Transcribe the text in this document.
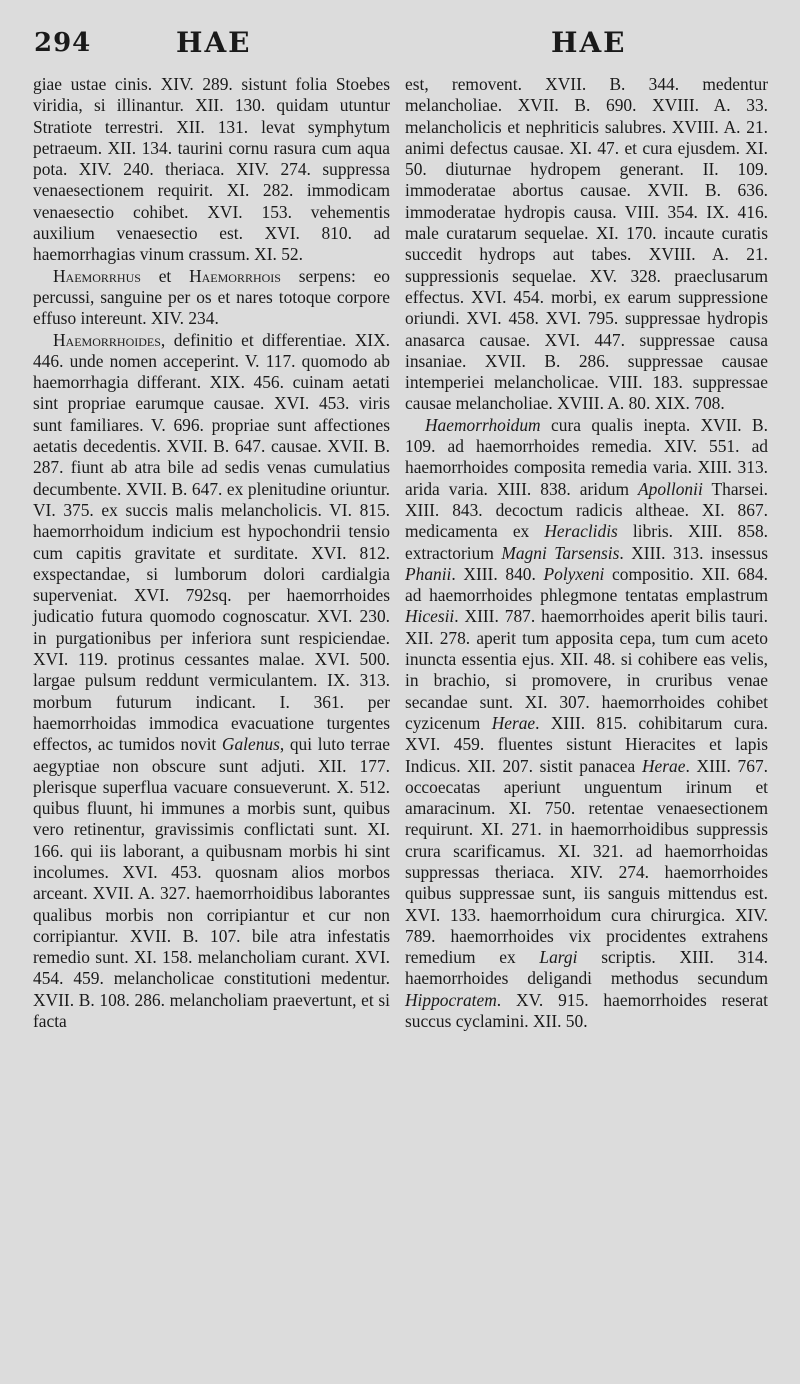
294	HAE	HAE

giae ustae cinis. XIV. 289. sistunt folia Stoebes viridia, si illinantur. XII. 130. quidam utuntur Stratiote terrestri. XII. 131. levat symphytum petraeum. XII. 134. taurini cornu rasura cum aqua pota. XIV. 240. theriaca. XIV. 274. suppressa venaesectionem requirit. XI. 282. immodicam venaesectio cohibet. XVI. 153. vehementis auxilium venaesectio est. XVI. 810. ad haemorrhagias vinum crassum. XI. 52.

Haemorrhus et Haemorrhois serpens: eo percussi, sanguine per os et nares totoque corpore effuso intereunt. XIV. 234.

Haemorrhoides, definitio et differentiae. XIX. 446. unde nomen acceperint. V. 117. quomodo ab haemorrhagia differant. XIX. 456. cuinam aetati sint propriae earumque causae. XVI. 453. viris sunt familiares. V. 696. propriae sunt affectiones aetatis decedentis. XVII. B. 647. causae. XVII. B. 287. fiunt ab atra bile ad sedis venas cumulatius decumbente. XVII. B. 647. ex plenitudine oriuntur. VI. 375. ex succis malis melancholicis. VI. 815. haemorrhoidum indicium est hypochondrii tensio cum capitis gravitate et surditate. XVI. 812. exspectandae, si lumborum dolori cardialgia superveniat. XVI. 792sq. per haemorrhoides judicatio futura quomodo cognoscatur. XVI. 230. in purgationibus per inferiora sunt respiciendae. XVI. 119. protinus cessantes malae. XVI. 500. largae pulsum reddunt vermiculantem. IX. 313. morbum futurum indicant. I. 361. per haemorrhoidas immodica evacuatione turgentes effectos, ac tumidos novit Galenus, qui luto terrae aegyptiae non obscure sunt adjuti. XII. 177. plerisque superflua vacuare consueverunt. X. 512. quibus fluunt, hi immunes a morbis sunt, quibus vero retinentur, gravissimis conflictati sunt. XI. 166. qui iis laborant, a quibusnam morbis hi sint incolumes. XVI. 453. quosnam alios morbos arceant. XVII. A. 327. haemorrhoidibus laborantes qualibus morbis non corripiantur et cur non corripiantur. XVII. B. 107. bile atra infestatis remedio sunt. XI. 158. melancholiam curant. XVI. 454. 459. melancholicae constitutioni medentur. XVII. B. 108. 286. melancholiam praevertunt, et si facta

est, removent. XVII. B. 344. medentur melancholiae. XVII. B. 690. XVIII. A. 33. melancholicis et nephriticis salubres. XVIII. A. 21. animi defectus causae. XI. 47. et cura ejusdem. XI. 50. diuturnae hydropem generant. II. 109. immoderatae abortus causae. XVII. B. 636. immoderatae hydropis causa. VIII. 354. IX. 416. male curatarum sequelae. XI. 170. incaute curatis succedit hydrops aut tabes. XVIII. A. 21. suppressionis sequelae. XV. 328. praeclusarum effectus. XVI. 454. morbi, ex earum suppressione oriundi. XVI. 458. XVI. 795. suppressae hydropis anasarca causae. XVI. 447. suppressae causa insaniae. XVII. B. 286. suppressae causae intemperiei melancholicae. VIII. 183. suppressae causae melancholiae. XVIII. A. 80. XIX. 708.

Haemorrhoidum cura qualis inepta. XVII. B. 109. ad haemorrhoides remedia. XIV. 551. ad haemorrhoides composita remedia varia. XIII. 313. arida varia. XIII. 838. aridum Apollonii Tharsei. XIII. 843. decoctum radicis altheae. XI. 867. medicamenta ex Heraclidis libris. XIII. 858. extractorium Magni Tarsensis. XIII. 313. insessus Phanii. XIII. 840. Polyxeni compositio. XII. 684. ad haemorrhoides phlegmone tentatas emplastrum Hicesii. XIII. 787. haemorrhoides aperit bilis tauri. XII. 278. aperit tum apposita cepa, tum cum aceto inuncta essentia ejus. XII. 48. si cohibere eas velis, in brachio, si promovere, in cruribus venae secandae sunt. XI. 307. haemorrhoides cohibet cyzicenum Herae. XIII. 815. cohibitarum cura. XVI. 459. fluentes sistunt Hieracites et lapis Indicus. XII. 207. sistit panacea Herae. XIII. 767. occoecatas aperiunt unguentum irinum et amaracinum. XI. 750. retentae venaesectionem requirunt. XI. 271. in haemorrhoidibus suppressis crura scarificamus. XI. 321. ad haemorrhoidas suppressas theriaca. XIV. 274. haemorrhoides quibus suppressae sunt, iis sanguis mittendus est. XVI. 133. haemorrhoidum cura chirurgica. XIV. 789. haemorrhoides vix procidentes extrahens remedium ex Largi scriptis. XIII. 314. haemorrhoides deligandi methodus secundum Hippocratem. XV. 915. haemorrhoides reserat succus cyclamini. XII. 50.
